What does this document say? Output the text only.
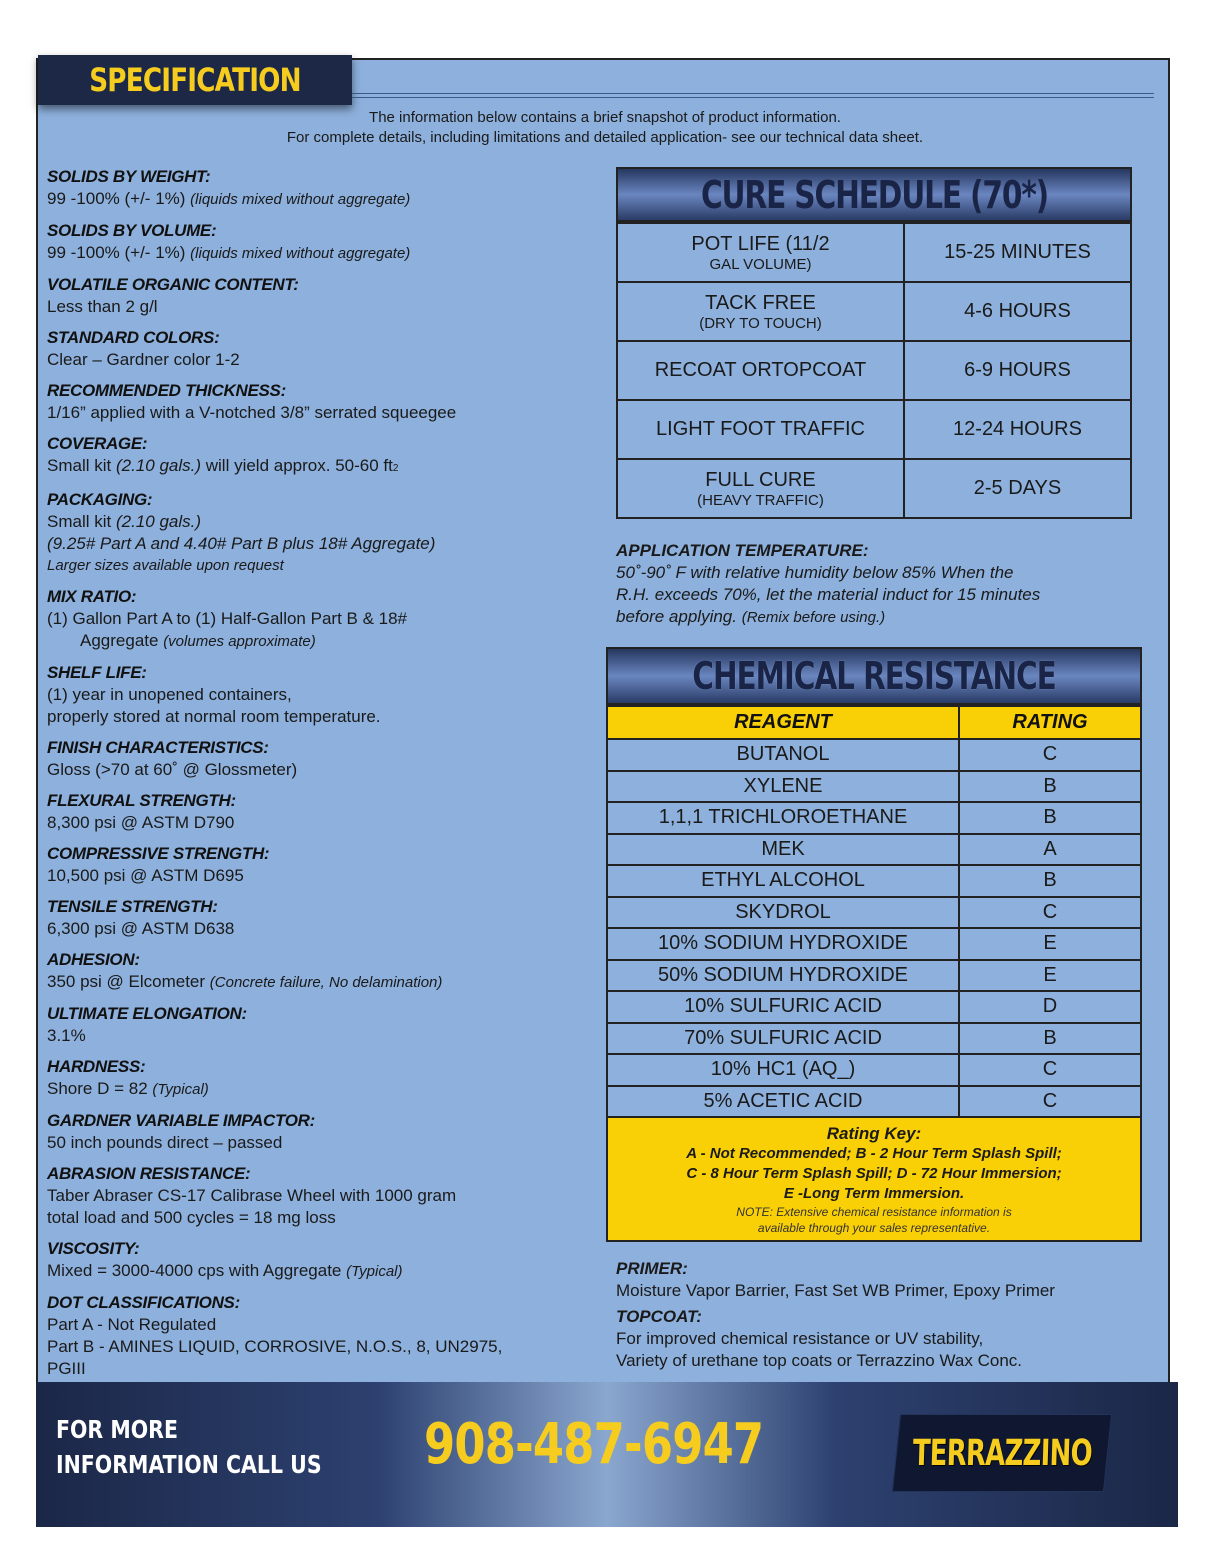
SPECIFICATION
The information below contains a brief snapshot of product information.
For complete details, including limitations and detailed application- see our technical data sheet.
SOLIDS BY WEIGHT:

99 -100% (+/- 1%) (liquids mixed without aggregate)

SOLIDS BY VOLUME:

99 -100% (+/- 1%) (liquids mixed without aggregate)

VOLATILE ORGANIC CONTENT:

Less than 2 g/l

STANDARD COLORS:

Clear – Gardner color 1-2

RECOMMENDED THICKNESS:

1/16” applied with a V-notched 3/8” serrated squeegee

COVERAGE:

Small kit (2.10 gals.) will yield approx. 50-60 ft2

PACKAGING:

Small kit (2.10 gals.)

(9.25# Part A and 4.40# Part B plus 18# Aggregate)

Larger sizes available upon request

MIX RATIO:

(1) Gallon Part A to (1) Half-Gallon Part B & 18#

Aggregate (volumes approximate)

SHELF LIFE:

(1) year in unopened containers,

properly stored at normal room temperature.

FINISH CHARACTERISTICS:

Gloss (>70 at 60˚ @ Glossmeter)

FLEXURAL STRENGTH:

8,300 psi @ ASTM D790

COMPRESSIVE STRENGTH:

10,500 psi @ ASTM D695

TENSILE STRENGTH:

6,300 psi @ ASTM D638

ADHESION:

350 psi @ Elcometer (Concrete failure, No delamination)

ULTIMATE ELONGATION:

3.1%

HARDNESS:

Shore D = 82 (Typical)

GARDNER VARIABLE IMPACTOR:

50 inch pounds direct – passed

ABRASION RESISTANCE:

Taber Abraser CS-17 Calibrase Wheel with 1000 gram

total load and 500 cycles = 18 mg loss

VISCOSITY:

Mixed = 3000-4000 cps with Aggregate (Typical)

DOT CLASSIFICATIONS:

Part A - Not Regulated

Part B - AMINES LIQUID, CORROSIVE, N.O.S., 8, UN2975,

PGIII

CURE SCHEDULE (70*)
POT LIFE (11/2
GAL VOLUME)	15-25 MINUTES
TACK FREE
(DRY TO TOUCH)	4-6 HOURS
RECOAT ORTOPCOAT	6-9 HOURS
LIGHT FOOT TRAFFIC	12-24 HOURS
FULL CURE
(HEAVY TRAFFIC)	2-5 DAYS
APPLICATION TEMPERATURE:

50˚-90˚ F with relative humidity below 85% When the

R.H. exceeds 70%, let the material induct for 15 minutes

before applying. (Remix before using.)

CHEMICAL RESISTANCE
REAGENT	RATING
BUTANOL	C
XYLENE	B
1,1,1 TRICHLOROETHANE	B
MEK	A
ETHYL ALCOHOL	B
SKYDROL	C
10% SODIUM HYDROXIDE	E
50% SODIUM HYDROXIDE	E
10% SULFURIC ACID	D
70% SULFURIC ACID	B
10% HC1 (AQ_)	C
5% ACETIC ACID	C
Rating Key:
A - Not Recommended; B - 2 Hour Term Splash Spill;
C - 8 Hour Term Splash Spill; D - 72 Hour Immersion;
E -Long Term Immersion.
NOTE: Extensive chemical resistance information is
available through your sales representative.
PRIMER:

Moisture Vapor Barrier, Fast Set WB Primer, Epoxy Primer

TOPCOAT:

For improved chemical resistance or UV stability,

Variety of urethane top coats or Terrazzino Wax Conc.

FOR MORE
INFORMATION CALL US 908-487-6947	TERRAZZINO
